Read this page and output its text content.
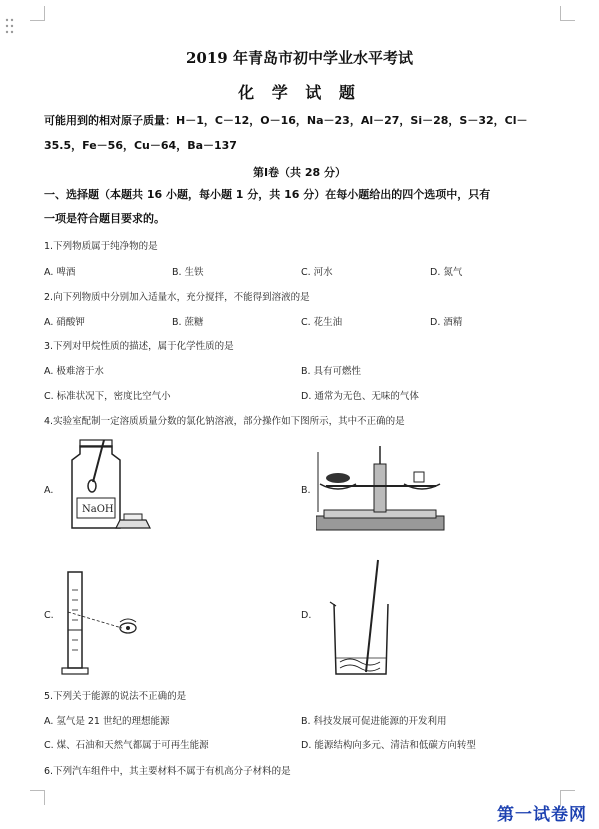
2019 年青岛市初中学业水平考试
化 学 试 题
可能用到的相对原子质量：H－1，C－12，O－16，Na－23，Al－27，Si－28，S－32，Cl－
35.5，Fe－56，Cu－64，Ba－137
第Ⅰ卷（共 28 分）
一、选择题（本题共 16 小题，每小题 1 分，共 16 分）在每小题给出的四个选项中，只有
一项是符合题目要求的。
1.下列物质属于纯净物的是
A. 啤酒	B. 生铁	C. 河水	D. 氮气
2.向下列物质中分别加入适量水，充分搅拌，不能得到溶液的是
A. 硝酸钾	B. 蔗糖	C. 花生油	D. 酒精
3.下列对甲烷性质的描述，属于化学性质的是
A. 极难溶于水	B. 具有可燃性
C. 标准状况下，密度比空气小	D. 通常为无色、无味的气体
4.实验室配制一定溶质质量分数的氯化钠溶液，部分操作如下图所示，其中不正确的是
A.
NaOH
B.
C.	D.
5.下列关于能源的说法不正确的是
A. 氢气是 21 世纪的理想能源	B. 科技发展可促进能源的开发利用
C. 煤、石油和天然气都属于可再生能源	D. 能源结构向多元、清洁和低碳方向转型
6.下列汽车组件中，其主要材料不属于有机高分子材料的是
第一试卷网
